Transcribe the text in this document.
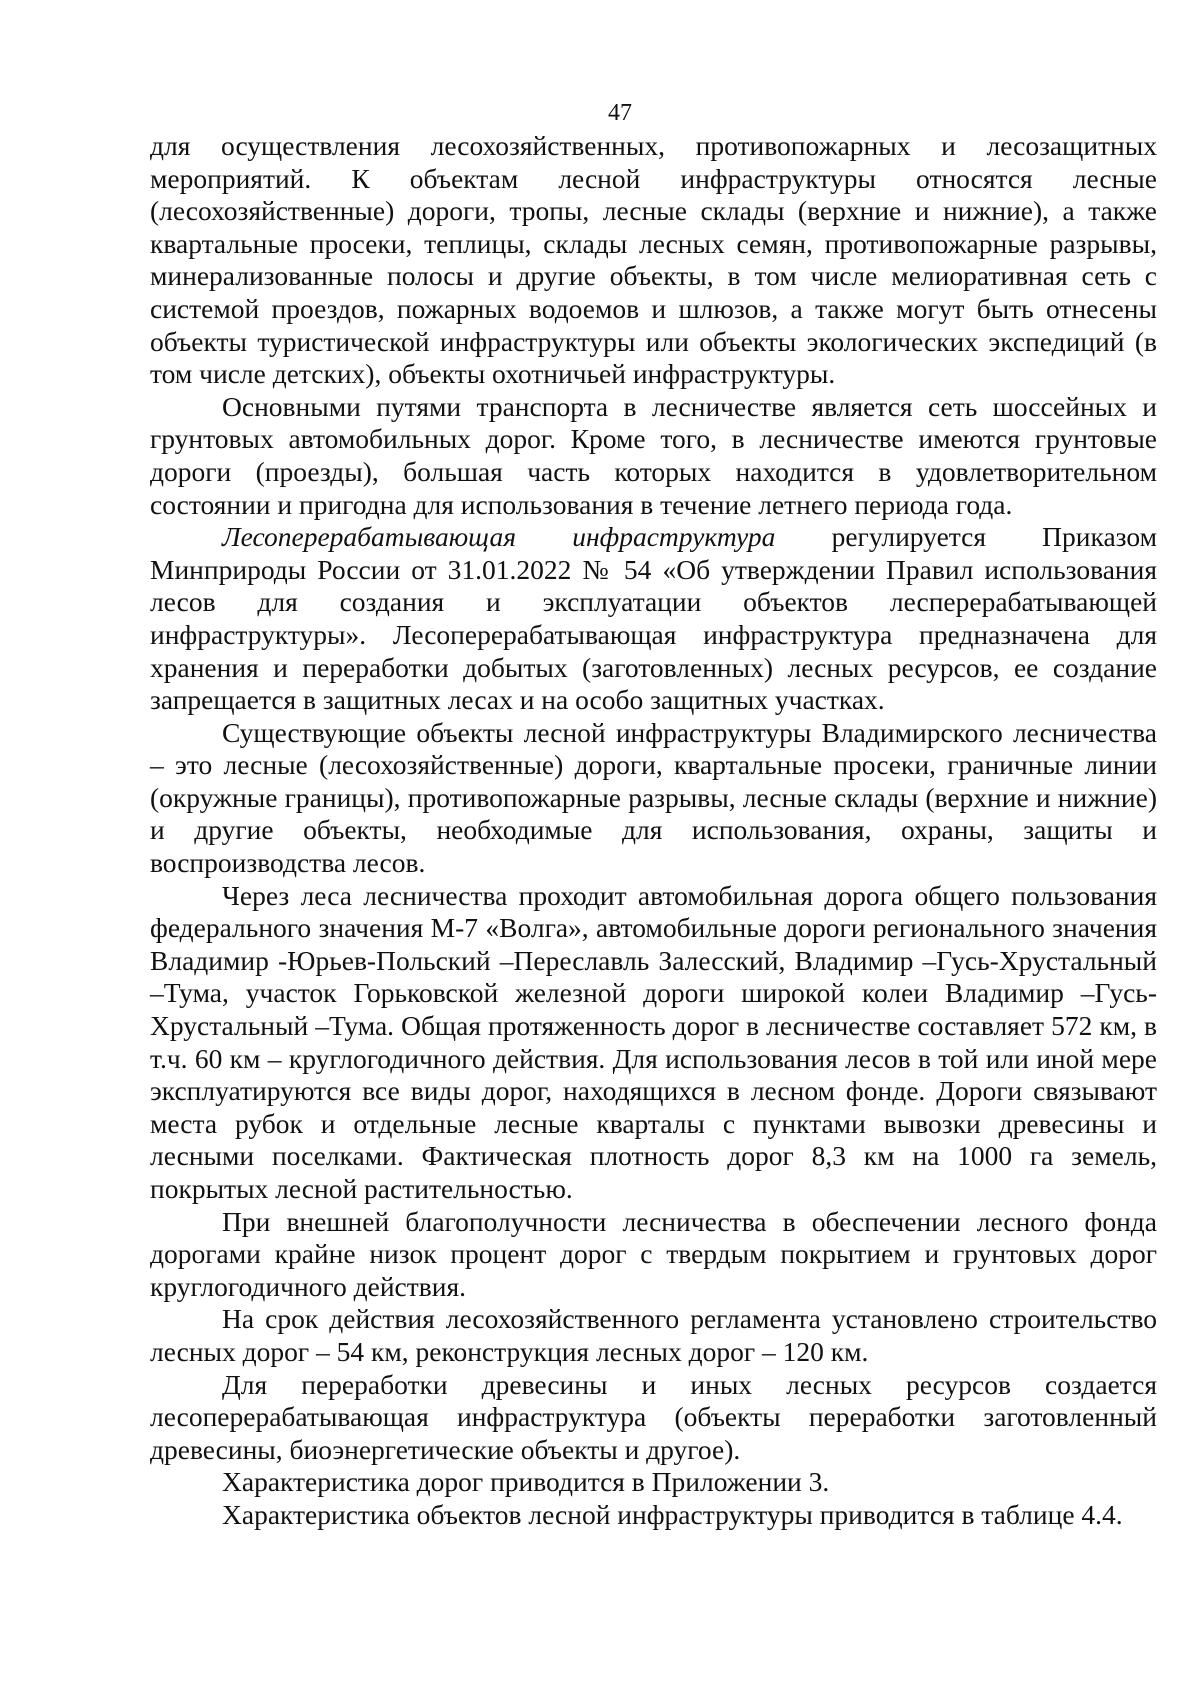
47

для осуществления лесохозяйственных, противопожарных и лесозащитных мероприятий. К объектам лесной инфраструктуры относятся лесные (лесохозяйственные) дороги, тропы, лесные склады (верхние и нижние), а также квартальные просеки, теплицы, склады лесных семян, противопожарные разрывы, минерализованные полосы и другие объекты, в том числе мелиоративная сеть с системой проездов, пожарных водоемов и шлюзов, а также могут быть отнесены объекты туристической инфраструктуры или объекты экологических экспедиций (в том числе детских), объекты охотничьей инфраструктуры.

Основными путями транспорта в лесничестве является сеть шоссейных и грунтовых автомобильных дорог. Кроме того, в лесничестве имеются грунтовые дороги (проезды), большая часть которых находится в удовлетворительном состоянии и пригодна для использования в течение летнего периода года.

Лесоперерабатывающая инфраструктура регулируется Приказом Минприроды России от 31.01.2022 № 54 «Об утверждении Правил использования лесов для создания и эксплуатации объектов лесперерабатывающей инфраструктуры». Лесоперерабатывающая инфраструктура предназначена для хранения и переработки добытых (заготовленных) лесных ресурсов, ее создание запрещается в защитных лесах и на особо защитных участках.

Существующие объекты лесной инфраструктуры Владимирского лесничества – это лесные (лесохозяйственные) дороги, квартальные просеки, граничные линии (окружные границы), противопожарные разрывы, лесные склады (верхние и нижние) и другие объекты, необходимые для использования, охраны, защиты и воспроизводства лесов.

Через леса лесничества проходит автомобильная дорога общего пользования федерального значения М-7 «Волга», автомобильные дороги регионального значения Владимир -Юрьев-Польский –Переславль Залесский, Владимир –Гусь-Хрустальный –Тума, участок Горьковской железной дороги широкой колеи Владимир –Гусь-Хрустальный –Тума. Общая протяженность дорог в лесничестве составляет 572 км, в т.ч. 60 км – круглогодичного действия. Для использования лесов в той или иной мере эксплуатируются все виды дорог, находящихся в лесном фонде. Дороги связывают места рубок и отдельные лесные кварталы с пунктами вывозки древесины и лесными поселками. Фактическая плотность дорог 8,3 км на 1000 га земель, покрытых лесной растительностью.

При внешней благополучности лесничества в обеспечении лесного фонда дорогами крайне низок процент дорог с твердым покрытием и грунтовых дорог круглогодичного действия.

На срок действия лесохозяйственного регламента установлено строительство лесных дорог – 54 км, реконструкция лесных дорог – 120 км.

Для переработки древесины и иных лесных ресурсов создается лесоперерабатывающая инфраструктура (объекты переработки заготовленный древесины, биоэнергетические объекты и другое).

Характеристика дорог приводится в Приложении 3.

Характеристика объектов лесной инфраструктуры приводится в таблице 4.4.
